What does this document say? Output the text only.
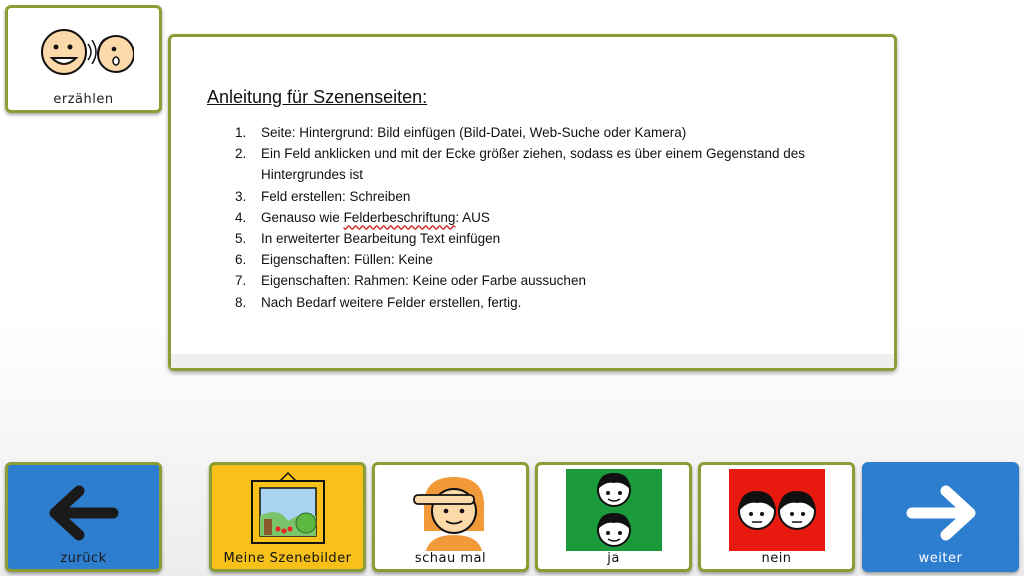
erzählen	Anleitung für Szenenseiten:
1. Seite: Hintergrund: Bild einfügen (Bild-Datei, Web-Suche oder Kamera)
2. Ein Feld anklicken und mit der Ecke größer ziehen, sodass es über einem Gegenstand des Hintergrundes ist
3. Feld erstellen: Schreiben
4. Genauso wie Felderbeschriftung: AUS
5. In erweiterter Bearbeitung Text einfügen
6. Eigenschaften: Füllen: Keine
7. Eigenschaften: Rahmen: Keine oder Farbe aussuchen
8. Nach Bedarf weitere Felder erstellen, fertig.
zurück	Meine Szenebilder	schau mal	ja	nein	weiter
